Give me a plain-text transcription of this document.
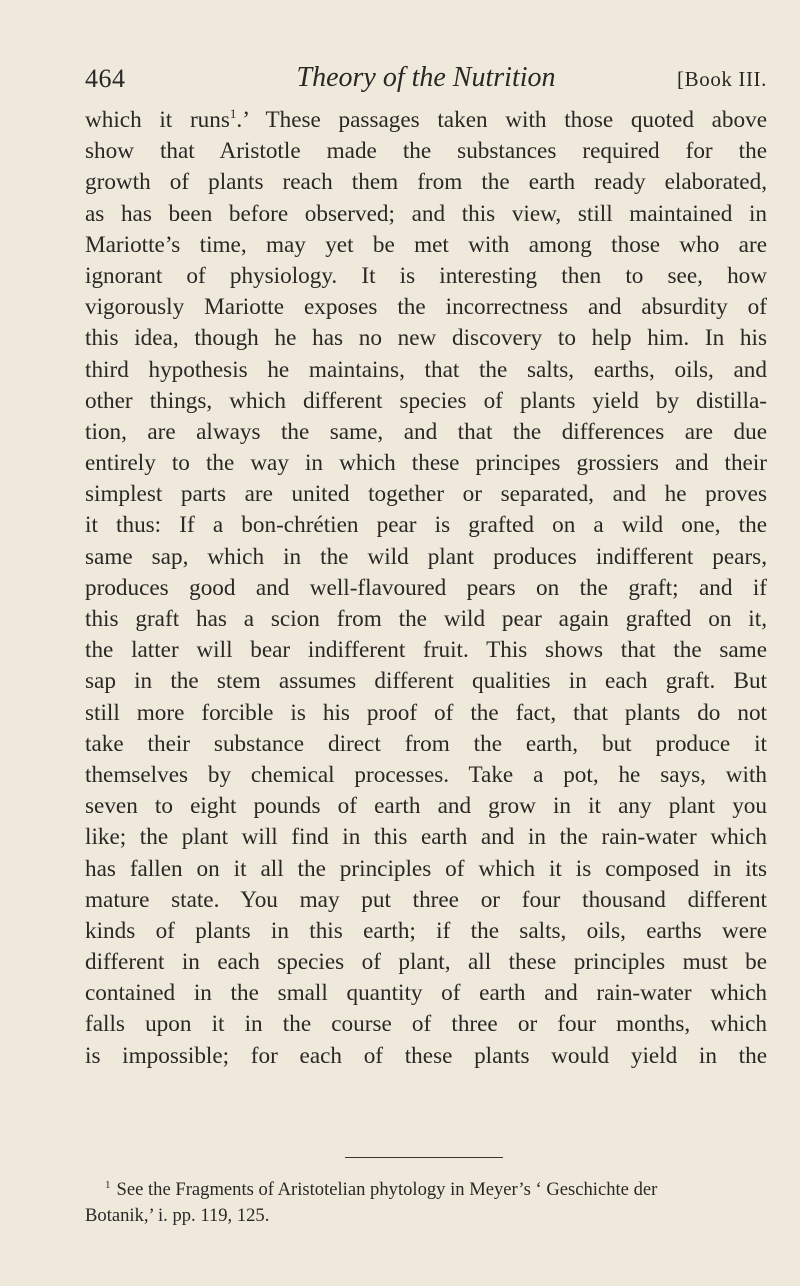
464	Theory of the Nutrition	[Book III.
which it runs$^1$.’ These passages taken with those quoted above
show that Aristotle made the substances required for the
growth of plants reach them from the earth ready elaborated,
as has been before observed; and this view, still maintained in
Mariotte’s time, may yet be met with among those who are
ignorant of physiology. It is interesting then to see, how
vigorously Mariotte exposes the incorrectness and absurdity of
this idea, though he has no new discovery to help him. In his
third hypothesis he maintains, that the salts, earths, oils, and
other things, which different species of plants yield by distilla-
tion, are always the same, and that the differences are due
entirely to the way in which these principes grossiers and their
simplest parts are united together or separated, and he proves
it thus: If a bon-chrétien pear is grafted on a wild one, the
same sap, which in the wild plant produces indifferent pears,
produces good and well-flavoured pears on the graft; and if
this graft has a scion from the wild pear again grafted on it,
the latter will bear indifferent fruit. This shows that the same
sap in the stem assumes different qualities in each graft. But
still more forcible is his proof of the fact, that plants do not
take their substance direct from the earth, but produce it
themselves by chemical processes. Take a pot, he says, with
seven to eight pounds of earth and grow in it any plant you
like; the plant will find in this earth and in the rain-water which
has fallen on it all the principles of which it is composed in its
mature state. You may put three or four thousand different
kinds of plants in this earth; if the salts, oils, earths were
different in each species of plant, all these principles must be
contained in the small quantity of earth and rain-water which
falls upon it in the course of three or four months, which
is impossible; for each of these plants would yield in the
$^1$ See the Fragments of Aristotelian phytology in Meyer’s ‘ Geschichte der
Botanik,’ i. pp. 119, 125.
